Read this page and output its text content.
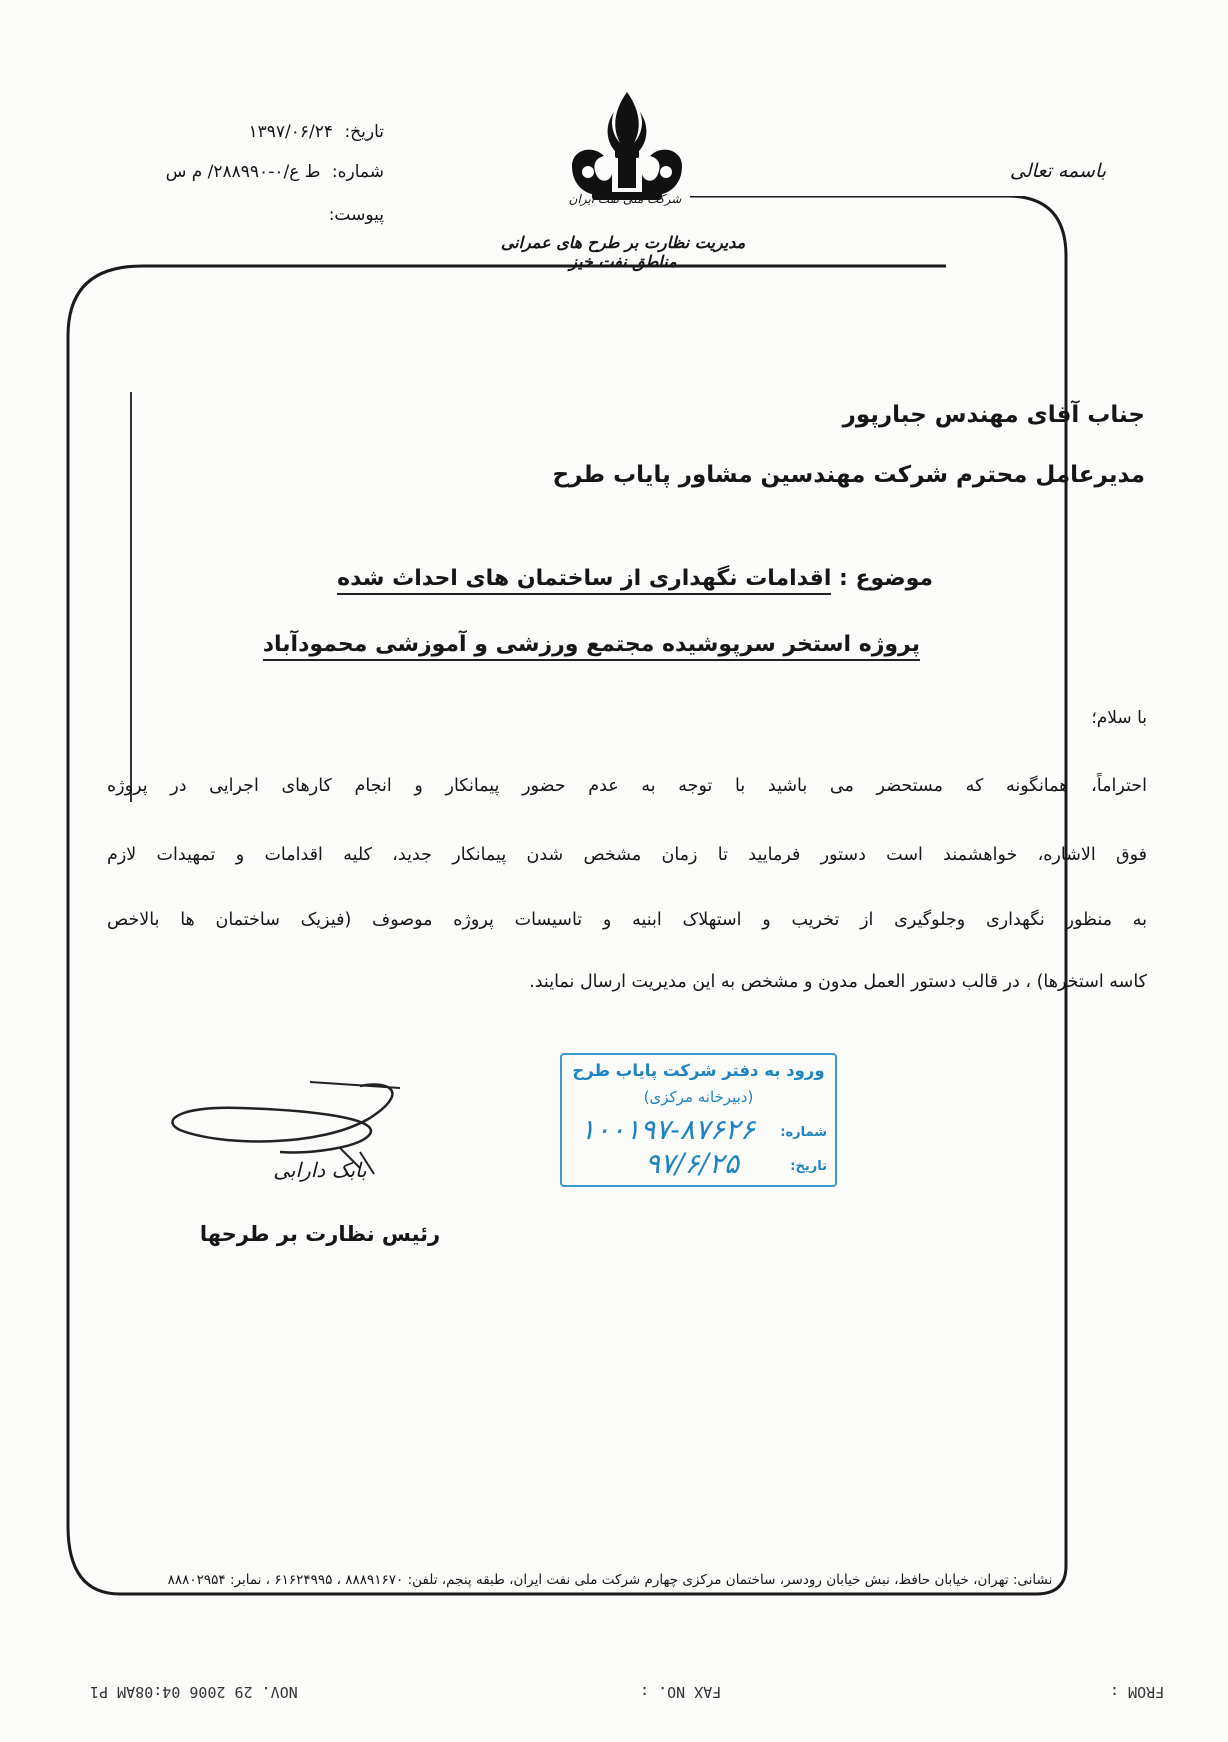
باسمه تعالی
تاریخ: ۱۳۹۷/۰۶/۲۴
شماره: ط ع/۰-۲۸۸۹۹۰/ م س
پیوست:
شرکت ملی نفت ایران
مدیریت نظارت بر طرح های عمرانی مناطق نفت خیز
جناب آقای مهندس جبارپور
مدیرعامل محترم شرکت مهندسین مشاور پایاب طرح
موضوع : اقدامات نگهداری از ساختمان های احداث شده
پروژه استخر سرپوشیده مجتمع ورزشی و آموزشی محمودآباد
با سلام؛
احتراماً، همانگونه که مستحضر می باشید با توجه به عدم حضور پیمانکار و انجام کارهای اجرایی در پروژه
فوق الاشاره، خواهشمند است دستور فرمایید تا زمان مشخص شدن پیمانکار جدید، کلیه اقدامات و تمهیدات لازم
به منظور نگهداری وجلوگیری از تخریب و استهلاک ابنیه و تاسیسات پروژه موصوف (فیزیک ساختمان ها بالاخص
کاسه استخرها) ، در قالب دستور العمل مدون و مشخص به این مدیریت ارسال نمایند.
ورود به دفتر شرکت پایاب طرح
(دبیرخانه مرکزی)
شماره:
۱۰۰۱۹۷-۸۷۶۲۶
تاریخ:
۹۷/۶/۲۵
بابک دارابی
رئیس نظارت بر طرحها
نشانی: تهران، خیابان حافظ، نبش خیابان رودسر، ساختمان مرکزی چهارم شرکت ملی نفت ایران، طبقه پنجم، تلفن: ۸۸۸۹۱۶۷۰ ، ۶۱۶۲۴۹۹۵ ، نمابر: ۸۸۸۰۲۹۵۴
NOV. 29 2006 04:08AM P1	FAX NO. :	FROM :
